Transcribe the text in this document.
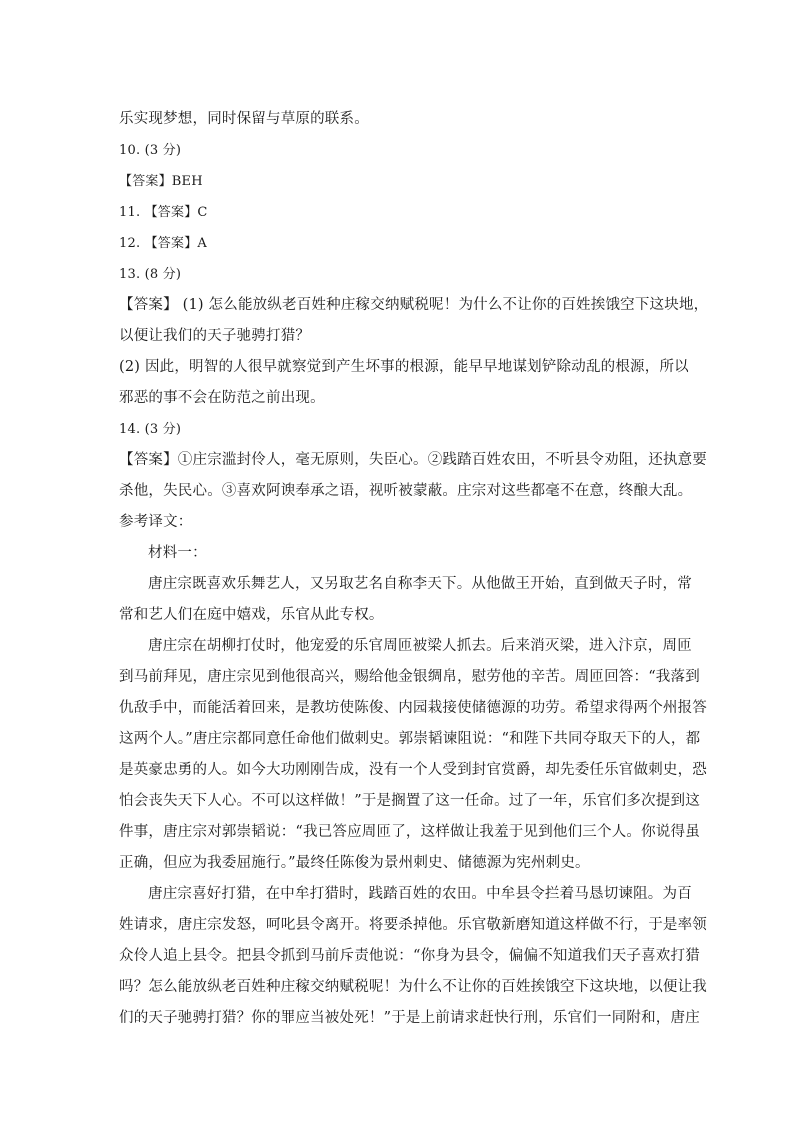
乐实现梦想，同时保留与草原的联系。

10. (3 分)

【答案】BEH

11. 【答案】C

12. 【答案】A

13. (8 分)

【答案】 (1) 怎么能放纵老百姓种庄稼交纳赋税呢！为什么不让你的百姓挨饿空下这块地，

以便让我们的天子驰骋打猎？

(2) 因此，明智的人很早就察觉到产生坏事的根源，能早早地谋划铲除动乱的根源，所以

邪恶的事不会在防范之前出现。

14. (3 分)

【答案】①庄宗滥封伶人，毫无原则，失臣心。②践踏百姓农田，不听县令劝阻，还执意要

杀他，失民心。③喜欢阿谀奉承之语，视听被蒙蔽。庄宗对这些都毫不在意，终酿大乱。

参考译文：

材料一：

唐庄宗既喜欢乐舞艺人，又另取艺名自称李天下。从他做王开始，直到做天子时，常

常和艺人们在庭中嬉戏，乐官从此专权。

唐庄宗在胡柳打仗时，他宠爱的乐官周匝被梁人抓去。后来消灭梁，进入汴京，周匝

到马前拜见，唐庄宗见到他很高兴，赐给他金银绸帛，慰劳他的辛苦。周匝回答：“我落到

仇敌手中，而能活着回来，是教坊使陈俊、内园栽接使储德源的功劳。希望求得两个州报答

这两个人。”唐庄宗都同意任命他们做刺史。郭崇韬谏阻说：“和陛下共同夺取天下的人，都

是英豪忠勇的人。如今大功刚刚告成，没有一个人受到封官赏爵，却先委任乐官做刺史，恐

怕会丧失天下人心。不可以这样做！”于是搁置了这一任命。过了一年，乐官们多次提到这

件事，唐庄宗对郭崇韬说：“我已答应周匝了，这样做让我羞于见到他们三个人。你说得虽

正确，但应为我委屈施行。”最终任陈俊为景州刺史、储德源为宪州刺史。

唐庄宗喜好打猎，在中牟打猎时，践踏百姓的农田。中牟县令拦着马恳切谏阻。为百

姓请求，唐庄宗发怒，呵叱县令离开。将要杀掉他。乐官敬新磨知道这样做不行，于是率领

众伶人追上县令。把县令抓到马前斥责他说：“你身为县令，偏偏不知道我们天子喜欢打猎

吗？怎么能放纵老百姓种庄稼交纳赋税呢！为什么不让你的百姓挨饿空下这块地，以便让我

们的天子驰骋打猎？你的罪应当被处死！”于是上前请求赶快行刑，乐官们一同附和，唐庄
